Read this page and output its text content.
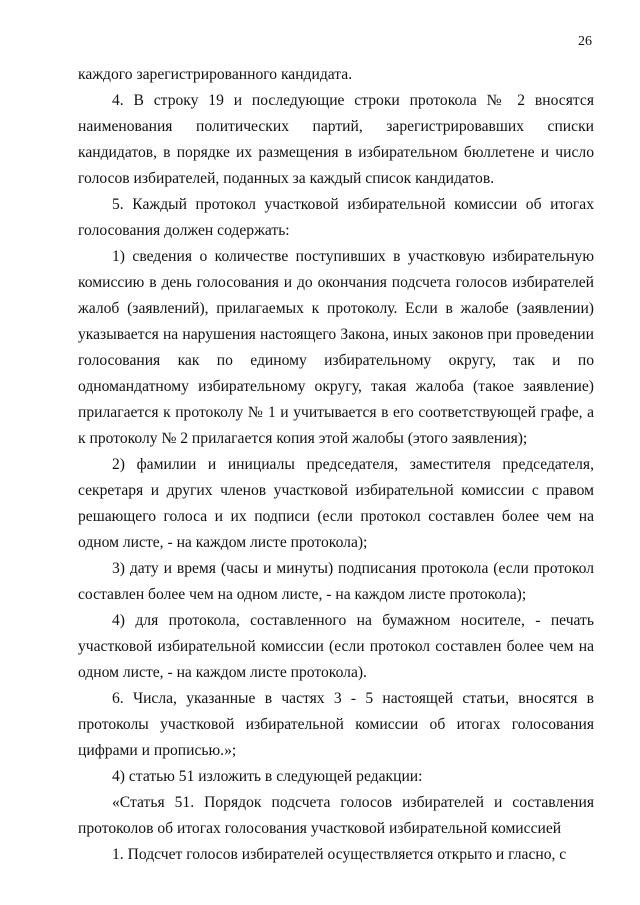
26

каждого зарегистрированного кандидата.

4. В строку 19 и последующие строки протокола № 2 вносятся наименования политических партий, зарегистрировавших списки кандидатов, в порядке их размещения в избирательном бюллетене и число голосов избирателей, поданных за каждый список кандидатов.

5. Каждый протокол участковой избирательной комиссии об итогах голосования должен содержать:

1) сведения о количестве поступивших в участковую избирательную комиссию в день голосования и до окончания подсчета голосов избирателей жалоб (заявлений), прилагаемых к протоколу. Если в жалобе (заявлении) указывается на нарушения настоящего Закона, иных законов при проведении голосования как по единому избирательному округу, так и по одномандатному избирательному округу, такая жалоба (такое заявление) прилагается к протоколу № 1 и учитывается в его соответствующей графе, а к протоколу № 2 прилагается копия этой жалобы (этого заявления);

2) фамилии и инициалы председателя, заместителя председателя, секретаря и других членов участковой избирательной комиссии с правом решающего голоса и их подписи (если протокол составлен более чем на одном листе, - на каждом листе протокола);

3) дату и время (часы и минуты) подписания протокола (если протокол составлен более чем на одном листе, - на каждом листе протокола);

4) для протокола, составленного на бумажном носителе, - печать участковой избирательной комиссии (если протокол составлен более чем на одном листе, - на каждом листе протокола).

6. Числа, указанные в частях 3 - 5 настоящей статьи, вносятся в протоколы участковой избирательной комиссии об итогах голосования цифрами и прописью.»;

4) статью 51 изложить в следующей редакции:

«Статья 51. Порядок подсчета голосов избирателей и составления протоколов об итогах голосования участковой избирательной комиссией

1. Подсчет голосов избирателей осуществляется открыто и гласно, с
